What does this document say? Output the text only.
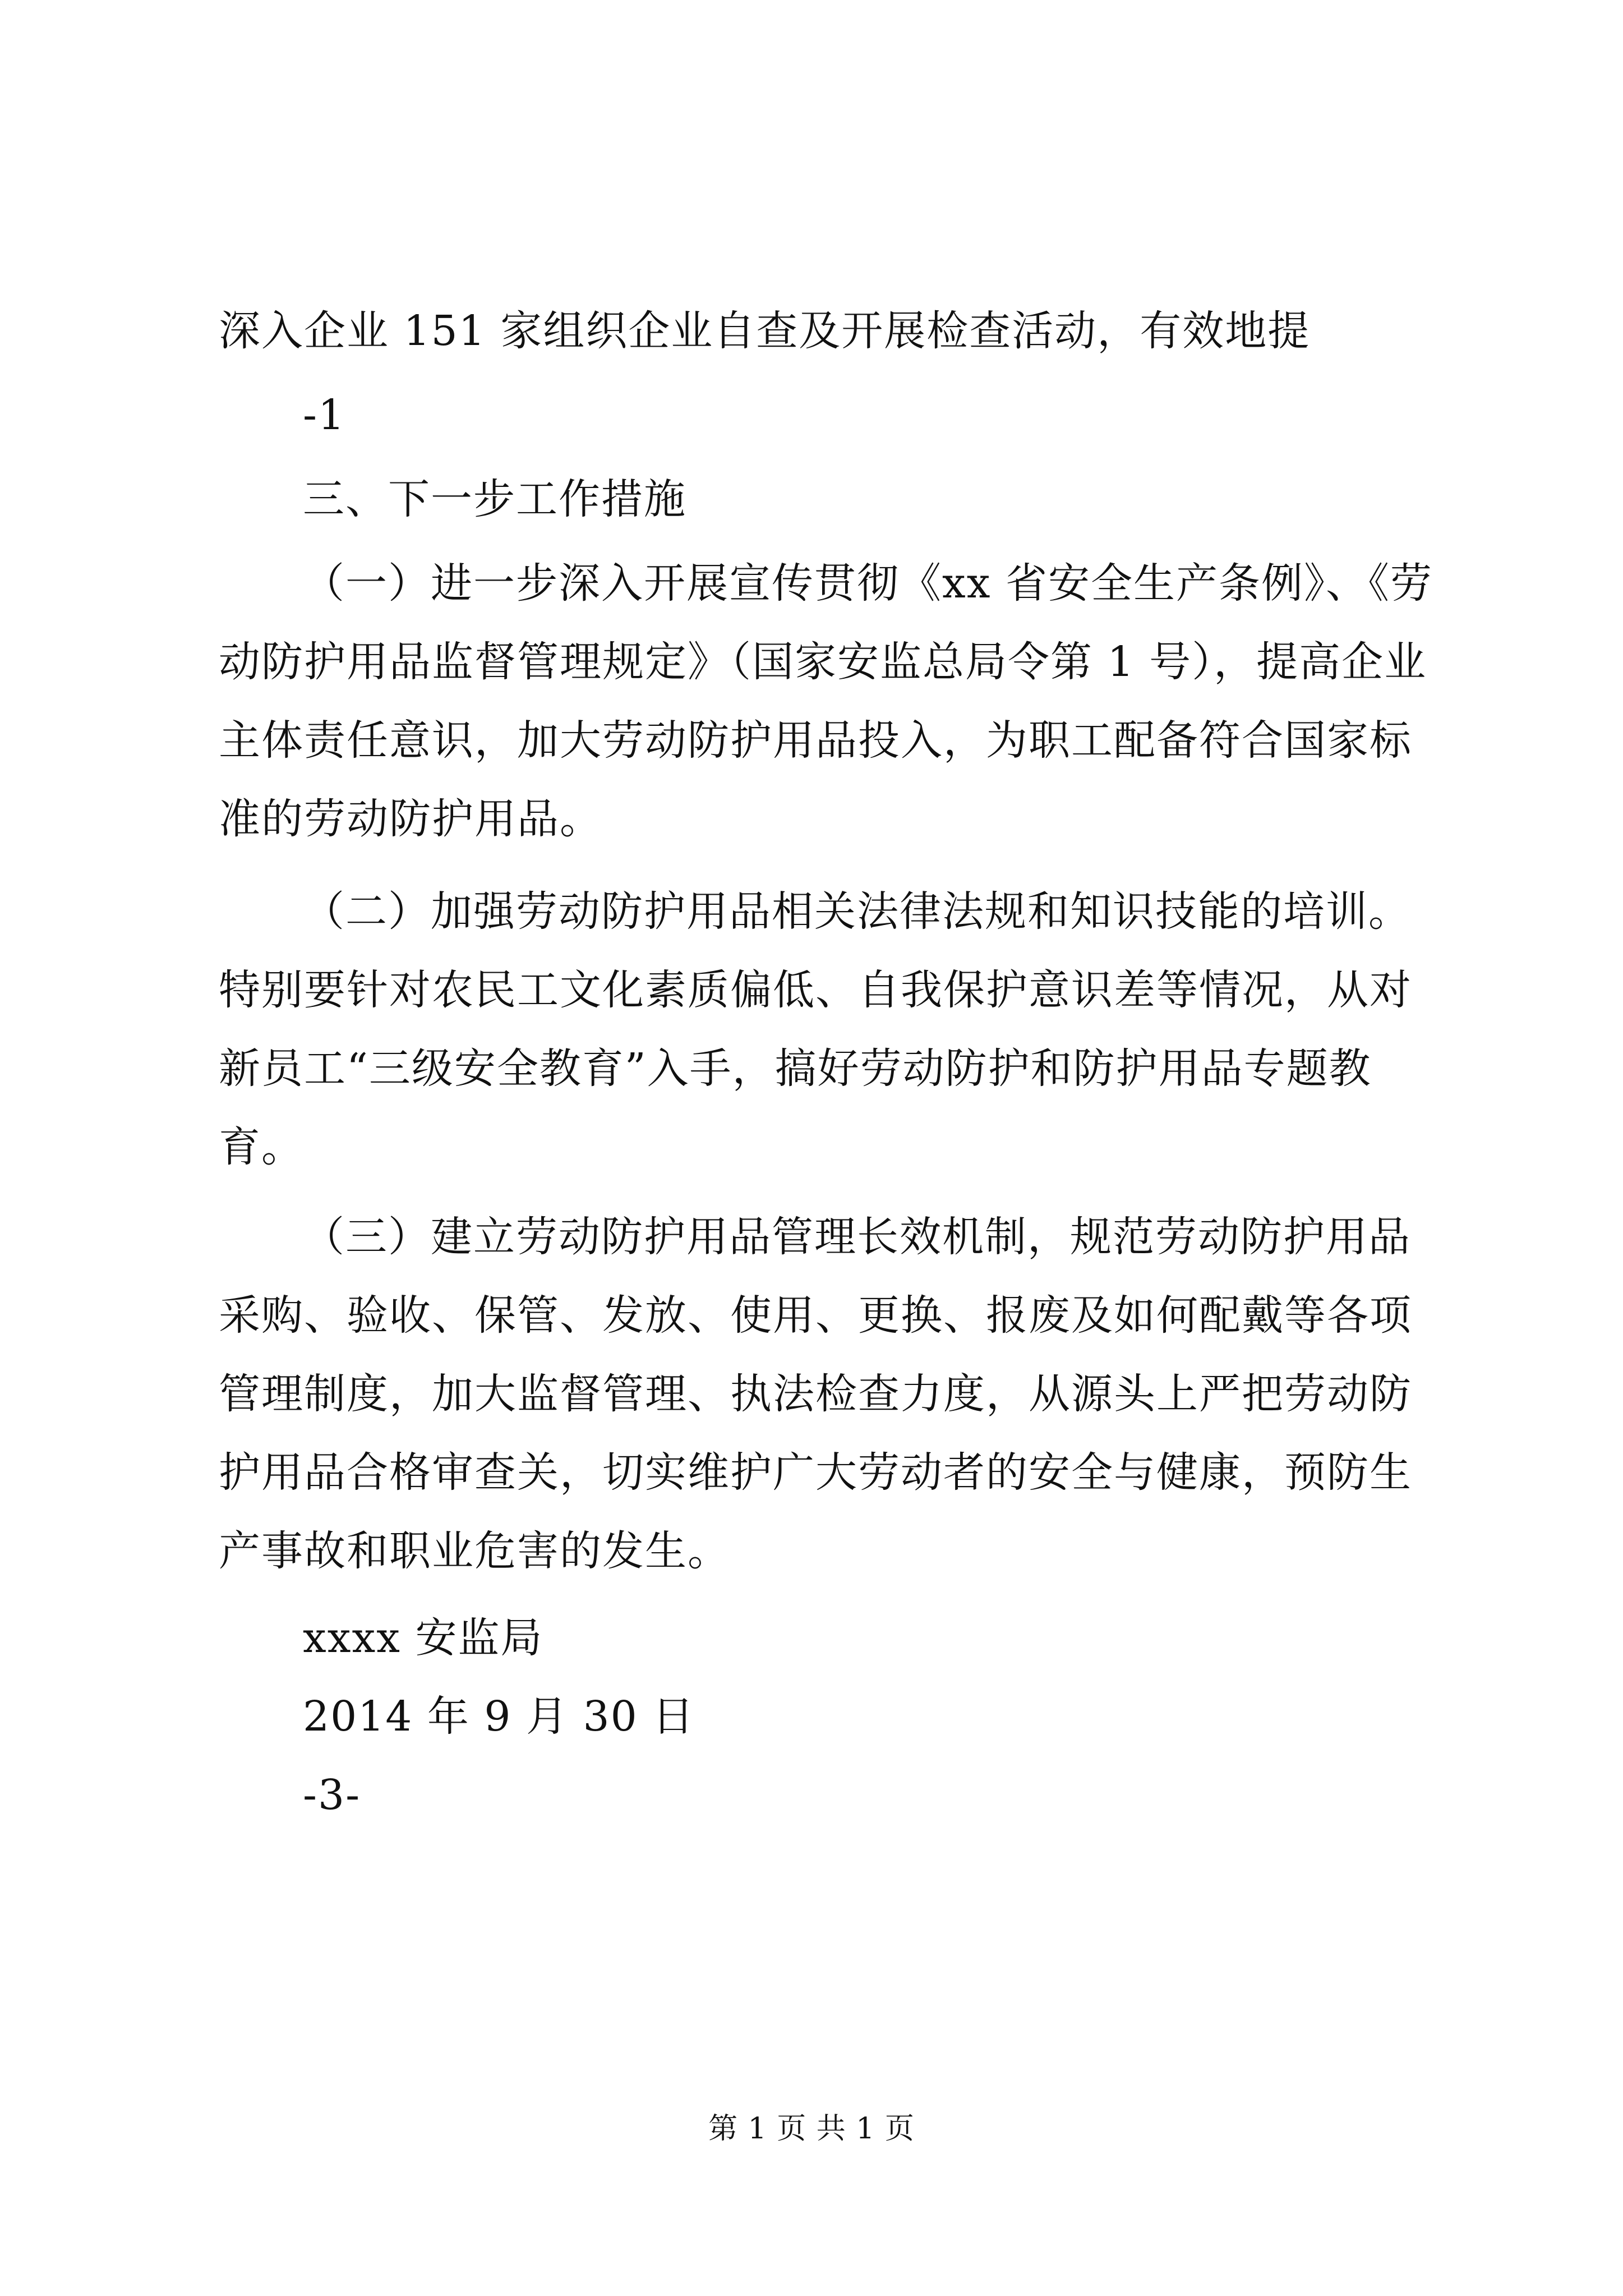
深入企业 151 家组织企业自查及开展检查活动，有效地提
-1
三、下一步工作措施
（一）进一步深入开展宣传贯彻《xx 省安全生产条例》、《劳
动防护用品监督管理规定》（国家安监总局令第 1 号），提高企业
主体责任意识，加大劳动防护用品投入，为职工配备符合国家标
准的劳动防护用品。
（二）加强劳动防护用品相关法律法规和知识技能的培训。
特别要针对农民工文化素质偏低、自我保护意识差等情况，从对
新员工“三级安全教育”入手，搞好劳动防护和防护用品专题教
育。
（三）建立劳动防护用品管理长效机制，规范劳动防护用品
采购、验收、保管、发放、使用、更换、报废及如何配戴等各项
管理制度，加大监督管理、执法检查力度，从源头上严把劳动防
护用品合格审查关，切实维护广大劳动者的安全与健康，预防生
产事故和职业危害的发生。
xxxx 安监局
2014 年 9 月 30 日
-3-
第 1 页 共 1 页
